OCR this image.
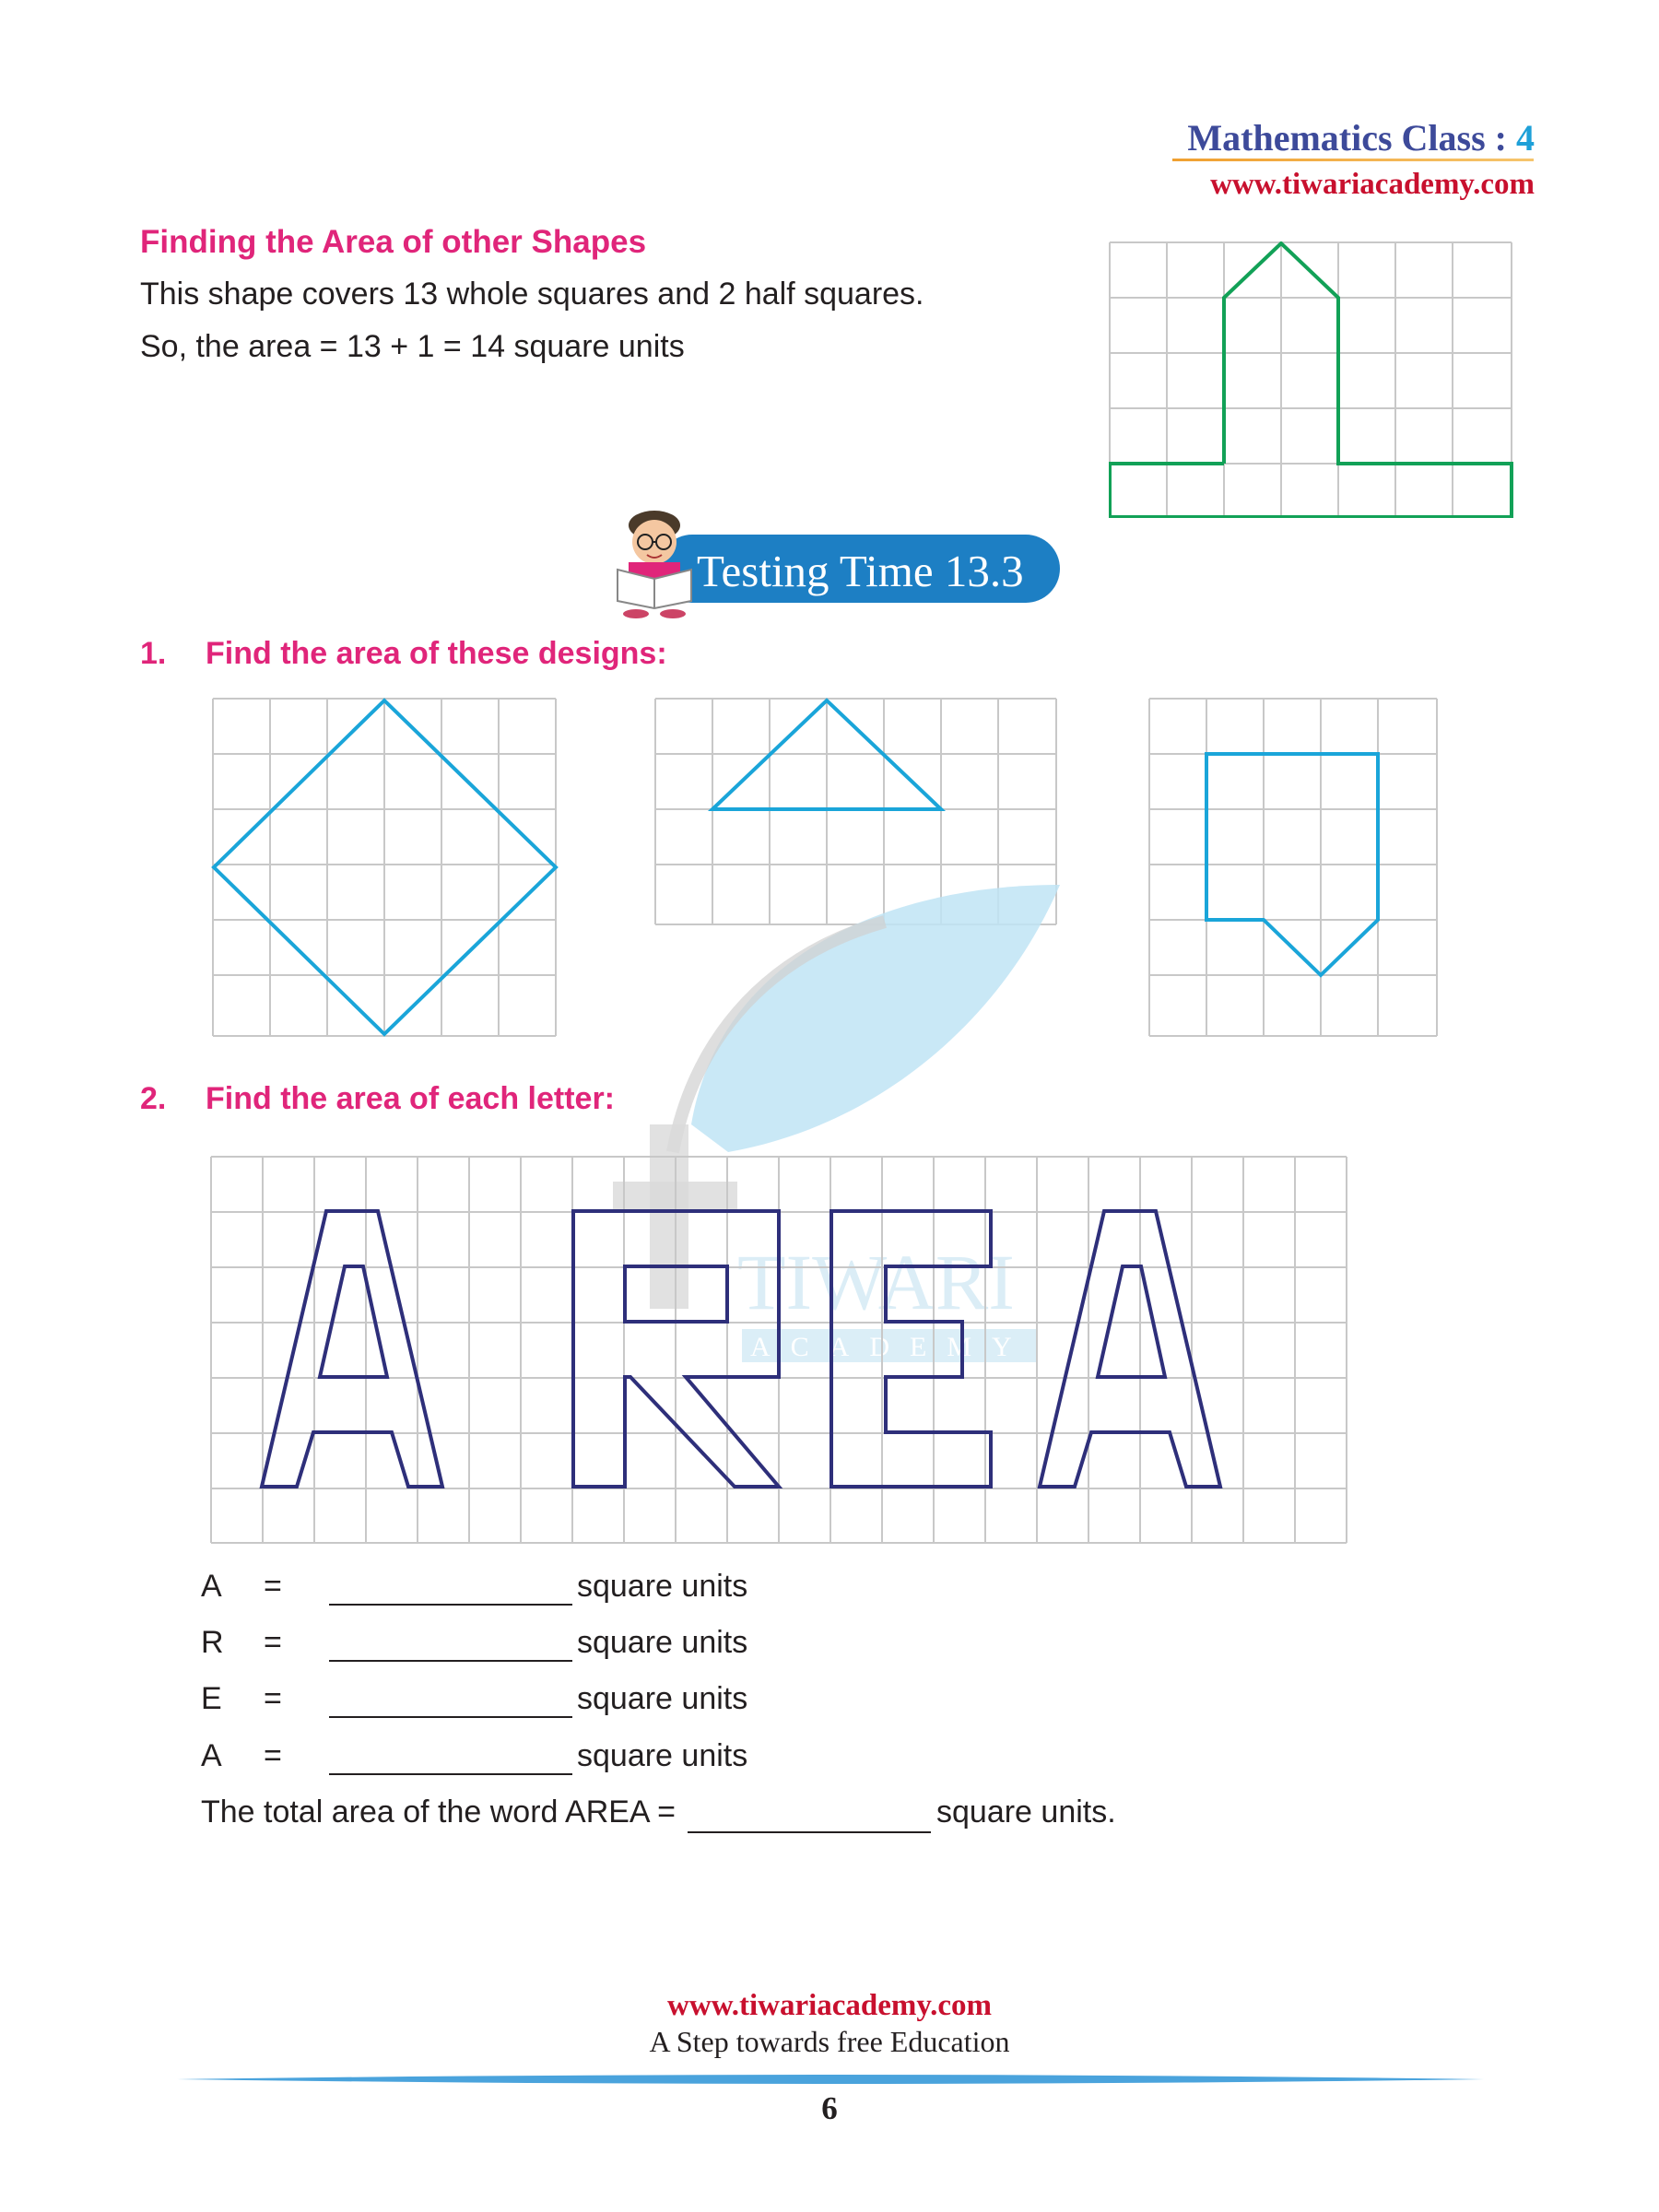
Mathematics Class : 4
www.tiwariacademy.com
Finding the Area of other Shapes
This shape covers 13 whole squares and 2 half squares.
So, the area = 13 + 1 = 14 square units
Testing Time 13.3
1. Find the area of these designs:
TIWARI
ACADEMY
2. Find the area of each letter:
A =	square units
R =	square units
E =	square units
A =	square units
The total area of the word AREA =	square units.
www.tiwariacademy.com
A Step towards free Education
6
